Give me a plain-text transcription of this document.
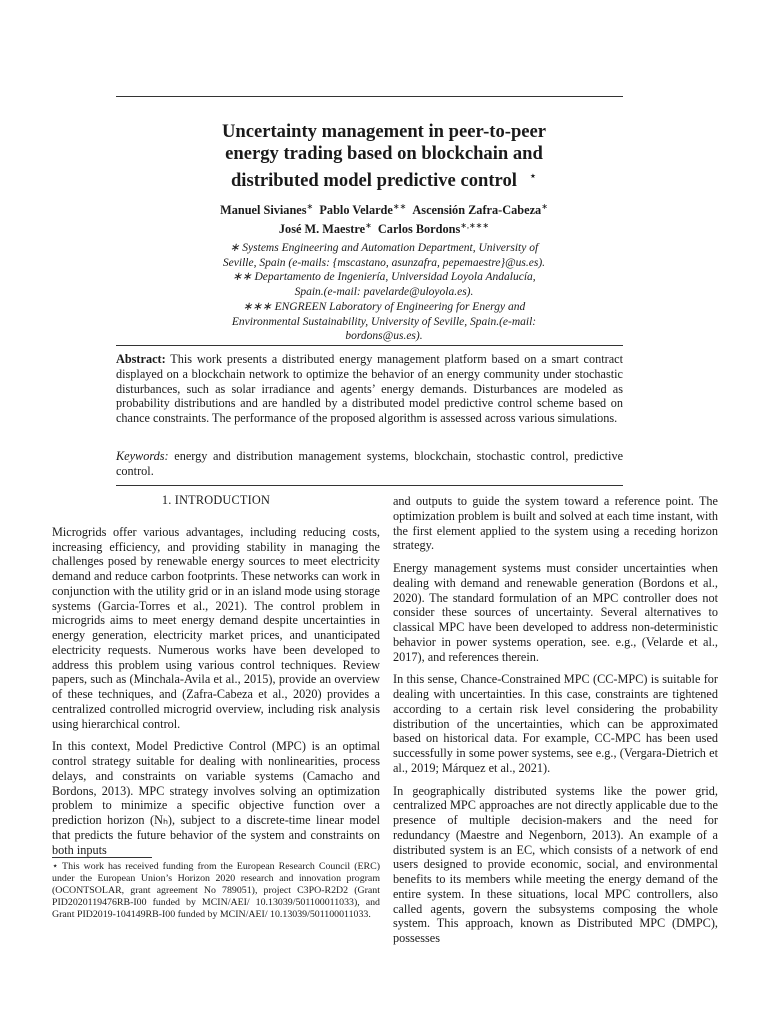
Uncertainty management in peer-to-peer
energy trading based on blockchain and
distributed model predictive control ⋆
Manuel Sivianes∗ Pablo Velarde∗∗ Ascensión Zafra-Cabeza∗
José M. Maestre∗ Carlos Bordons∗,∗∗∗
∗ Systems Engineering and Automation Department, University of
Seville, Spain (e-mails: {mscastano, asunzafra, pepemaestre}@us.es).
∗∗ Departamento de Ingeniería, Universidad Loyola Andalucía,
Spain.(e-mail: pavelarde@uloyola.es).
∗∗∗ ENGREEN Laboratory of Engineering for Energy and
Environmental Sustainability, University of Seville, Spain.(e-mail:
bordons@us.es).
Abstract: This work presents a distributed energy management platform based on a smart contract displayed on a blockchain network to optimize the behavior of an energy community under stochastic disturbances, such as solar irradiance and agents’ energy demands. Disturbances are modeled as probability distributions and are handled by a distributed model predictive control scheme based on chance constraints. The performance of the proposed algorithm is assessed across various simulations.
Keywords: energy and distribution management systems, blockchain, stochastic control, predictive control.
1. INTRODUCTION

Microgrids offer various advantages, including reducing costs, increasing efficiency, and providing stability in managing the challenges posed by renewable energy sources to meet electricity demand and reduce carbon footprints. These networks can work in conjunction with the utility grid or in an island mode using storage systems (Garcia-Torres et al., 2021). The control problem in microgrids aims to meet energy demand despite uncertainties in energy generation, electricity market prices, and unanticipated electricity requests. Numerous works have been developed to address this problem using various control techniques. Review papers, such as (Minchala-Avila et al., 2015), provide an overview of these techniques, and (Zafra-Cabeza et al., 2020) provides a centralized controlled microgrid overview, including risk analysis using hierarchical control.

In this context, Model Predictive Control (MPC) is an optimal control strategy suitable for dealing with nonlinearities, process delays, and constraints on variable systems (Camacho and Bordons, 2013). MPC strategy involves solving an optimization problem to minimize a specific objective function over a prediction horizon (Nₕ), subject to a discrete-time linear model that predicts the future behavior of the system and constraints on both inputs

⋆ This work has received funding from the European Research Council (ERC) under the European Union’s Horizon 2020 research and innovation program (OCONTSOLAR, grant agreement No 789051), project C3PO-R2D2 (Grant PID2020119476RB-I00 funded by MCIN/AEI/ 10.13039/501100011033), and Grant PID2019-104149RB-I00 funded by MCIN/AEI/ 10.13039/501100011033.

and outputs to guide the system toward a reference point. The optimization problem is built and solved at each time instant, with the first element applied to the system using a receding horizon strategy.

Energy management systems must consider uncertainties when dealing with demand and renewable generation (Bordons et al., 2020). The standard formulation of an MPC controller does not consider these sources of uncertainty. Several alternatives to classical MPC have been developed to address non-deterministic behavior in power systems operation, see. e.g., (Velarde et al., 2017), and references therein.

In this sense, Chance-Constrained MPC (CC-MPC) is suitable for dealing with uncertainties. In this case, constraints are tightened according to a certain risk level considering the probability distribution of the uncertainties, which can be approximated based on historical data. For example, CC-MPC has been used successfully in some power systems, see e.g., (Vergara-Dietrich et al., 2019; Márquez et al., 2021).

In geographically distributed systems like the power grid, centralized MPC approaches are not directly applicable due to the presence of multiple decision-makers and the need for redundancy (Maestre and Negenborn, 2013). An example of a distributed system is an EC, which consists of a network of end users designed to provide economic, social, and environmental benefits to its members while meeting the energy demand of the entire system. In these situations, local MPC controllers, also called agents, govern the subsystems composing the whole system. This approach, known as Distributed MPC (DMPC), possesses
